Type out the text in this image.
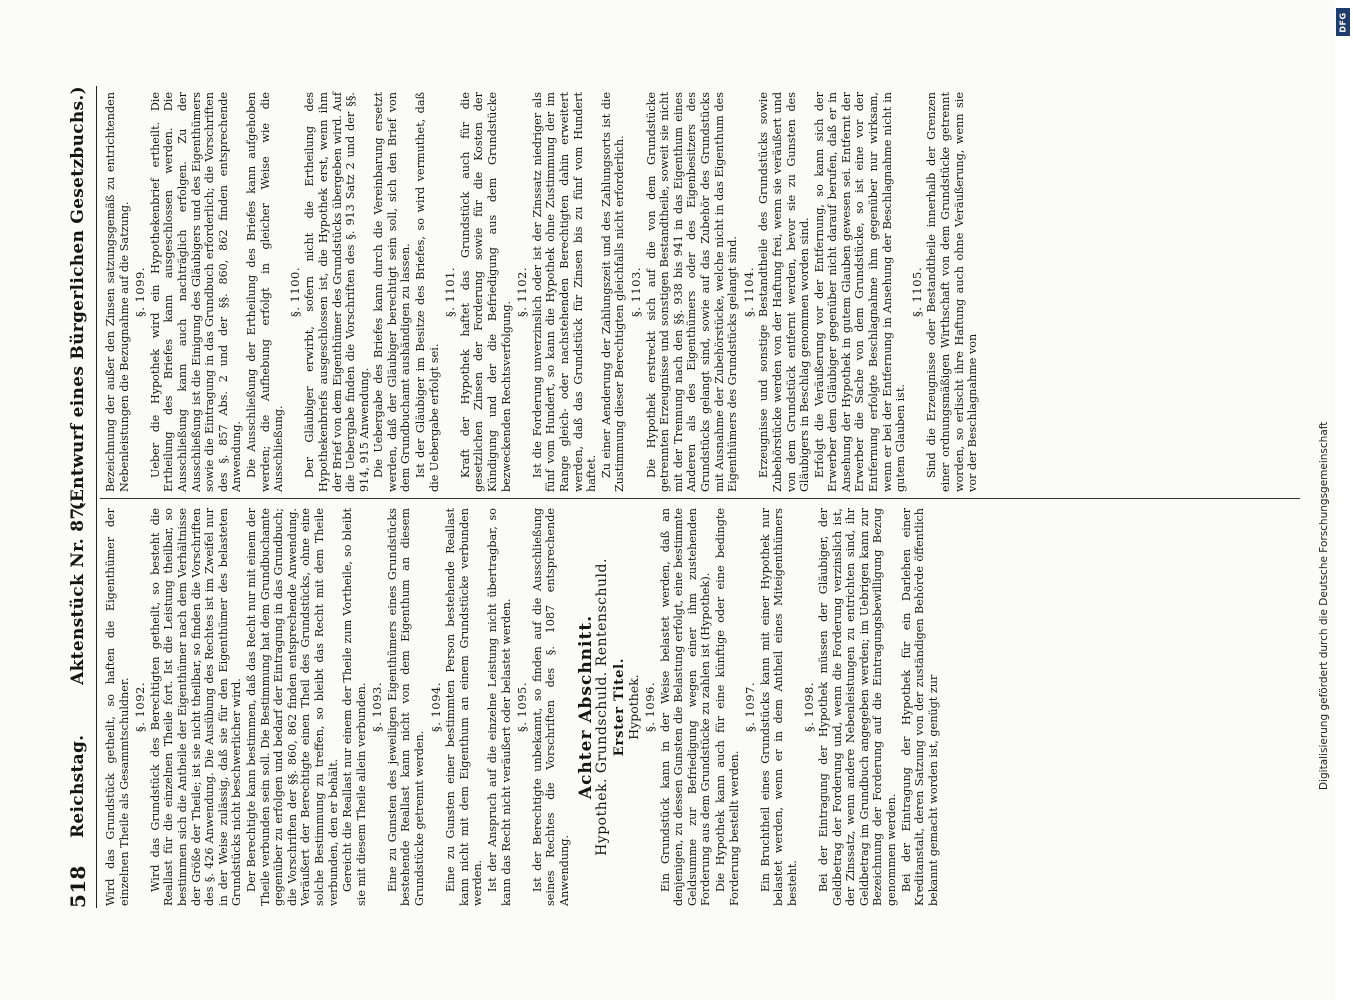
518
Reichstag.        Aktenstück Nr. 87.
(Entwurf eines Bürgerlichen Gesetzbuchs.)

Wird das Grundstück getheilt, so haften die Eigenthümer der einzelnen Theile als Gesammtschuldner. §. 1092. Wird das Grundstück des Berechtigten getheilt, so besteht die Reallast für die einzelnen Theile fort. Ist die Leistung theilbar, so bestimmen sich die Antheile der Eigenthümer nach dem Verhältnisse der Größe der Theile; ist sie nicht theilbar, so finden die Vorschriften des §. 426 Anwendung. Die Ausübung des Rechtes ist im Zweifel nur in der Weise zulässig, daß sie für den Eigenthümer des belasteten Grundstücks nicht beschwerlicher wird. Der Berechtigte kann bestimmen, daß das Recht nur mit einem der Theile verbunden sein soll. Die Bestimmung hat dem Grundbuchamte gegenüber zu erfolgen und bedarf der Eintragung in das Grundbuch; die Vorschriften der §§. 860, 862 finden entsprechende Anwendung. Veräußert der Berechtigte einen Theil des Grundstücks, ohne eine solche Bestimmung zu treffen, so bleibt das Recht mit dem Theile verbunden, den er behält. Gereicht die Reallast nur einem der Theile zum Vortheile, so bleibt sie mit diesem Theile allein verbunden. §. 1093. Eine zu Gunsten des jeweiligen Eigenthümers eines Grundstücks bestehende Reallast kann nicht von dem Eigenthum an diesem Grundstücke getrennt werden.

§. 1094. Eine zu Gunsten einer bestimmten Person bestehende Reallast kann nicht mit dem Eigenthum an einem Grundstücke verbunden werden. Ist der Anspruch auf die einzelne Leistung nicht übertragbar, so kann das Recht nicht veräußert oder belastet werden. §. 1095. Ist der Berechtigte unbekannt, so finden auf die Ausschließung seines Rechtes die Vorschriften des §. 1087 entsprechende Anwendung.

Achter Abschnitt.
Hypothek. Grundschuld. Rentenschuld. Erster Titel. Hypothek. §. 1096. Ein Grundstück kann in der Weise belastet werden, daß an denjenigen, zu dessen Gunsten die Belastung erfolgt, eine bestimmte Geldsumme zur Befriedigung wegen einer ihm zustehenden Forderung aus dem Grundstücke zu zahlen ist (Hypothek). Die Hypothek kann auch für eine künftige oder eine bedingte Forderung bestellt werden.

§. 1097. Ein Bruchtheil eines Grundstücks kann mit einer Hypothek nur belastet werden, wenn er in dem Antheil eines Miteigenthümers besteht.

§. 1098. Bei der Eintragung der Hypothek müssen der Gläubiger, der Geldbetrag der Forderung und, wenn die Forderung verzinslich ist, der Zinssatz, wenn andere Nebenleistungen zu entrichten sind, ihr Geldbetrag im Grundbuch angegeben werden; im Uebrigen kann zur Bezeichnung der Forderung auf die Eintragungsbewilligung Bezug genommen werden. Bei der Eintragung der Hypothek für ein Darlehen einer Kreditanstalt, deren Satzung von der zuständigen Behörde öffentlich bekannt gemacht worden ist, genügt zur

Bezeichnung der außer den Zinsen satzungsgemäß zu entrichtenden Nebenleistungen die Bezugnahme auf die Satzung. §. 1099. Ueber die Hypothek wird ein Hypothekenbrief ertheilt. Die Ertheilung des Briefes kann ausgeschlossen werden. Die Ausschließung kann auch nachträglich erfolgen. Zu der Ausschließung ist die Einigung des Gläubigers und des Eigenthümers sowie die Eintragung in das Grundbuch erforderlich; die Vorschriften des §. 857 Abs. 2 und der §§. 860, 862 finden entsprechende Anwendung. Die Ausschließung der Ertheilung des Briefes kann aufgehoben werden; die Aufhebung erfolgt in gleicher Weise wie die Ausschließung.

§. 1100. Der Gläubiger erwirbt, sofern nicht die Ertheilung des Hypothekenbriefs ausgeschlossen ist, die Hypothek erst, wenn ihm der Brief von dem Eigenthümer des Grundstücks übergeben wird. Auf die Uebergabe finden die Vorschriften des §. 913 Satz 2 und der §§. 914, 915 Anwendung. Die Uebergabe des Briefes kann durch die Vereinbarung ersetzt werden, daß der Gläubiger berechtigt sein soll, sich den Brief von dem Grundbuchamt aushändigen zu lassen. Ist der Gläubiger im Besitze des Briefes, so wird vermuthet, daß die Uebergabe erfolgt sei.

§. 1101. Kraft der Hypothek haftet das Grundstück auch für die gesetzlichen Zinsen der Forderung sowie für die Kosten der Kündigung und der die Befriedigung aus dem Grundstücke bezweckenden Rechtsverfolgung.

§. 1102. Ist die Forderung unverzinslich oder ist der Zinssatz niedriger als fünf vom Hundert, so kann die Hypothek ohne Zustimmung der im Range gleich- oder nachstehenden Berechtigten dahin erweitert werden, daß das Grundstück für Zinsen bis zu fünf vom Hundert haftet. Zu einer Aenderung der Zahlungszeit und des Zahlungsorts ist die Zustimmung dieser Berechtigten gleichfalls nicht erforderlich. §. 1103. Die Hypothek erstreckt sich auf die von dem Grundstücke getrennten Erzeugnisse und sonstigen Bestandtheile, soweit sie nicht mit der Trennung nach den §§. 938 bis 941 in das Eigenthum eines Anderen als des Eigenthümers oder des Eigenbesitzers des Grundstücks gelangt sind, sowie auf das Zubehör des Grundstücks mit Ausnahme der Zubehörstücke, welche nicht in das Eigenthum des Eigenthümers des Grundstücks gelangt sind. §. 1104. Erzeugnisse und sonstige Bestandtheile des Grundstücks sowie Zubehörstücke werden von der Haftung frei, wenn sie veräußert und von dem Grundstück entfernt werden, bevor sie zu Gunsten des Gläubigers in Beschlag genommen worden sind. Erfolgt die Veräußerung vor der Entfernung, so kann sich der Erwerber dem Gläubiger gegenüber nicht darauf berufen, daß er in Ansehung der Hypothek in gutem Glauben gewesen sei. Entfernt der Erwerber die Sache von dem Grundstücke, so ist eine vor der Entfernung erfolgte Beschlagnahme ihm gegenüber nur wirksam, wenn er bei der Entfernung in Ansehung der Beschlagnahme nicht in gutem Glauben ist.

§. 1105. Sind die Erzeugnisse oder Bestandtheile innerhalb der Grenzen einer ordnungsmäßigen Wirthschaft von dem Grundstücke getrennt worden, so erlischt ihre Haftung auch ohne Veräußerung, wenn sie vor der Beschlagnahme von

DFG
Digitalisierung gefördert durch die Deutsche Forschungsgemeinschaft
